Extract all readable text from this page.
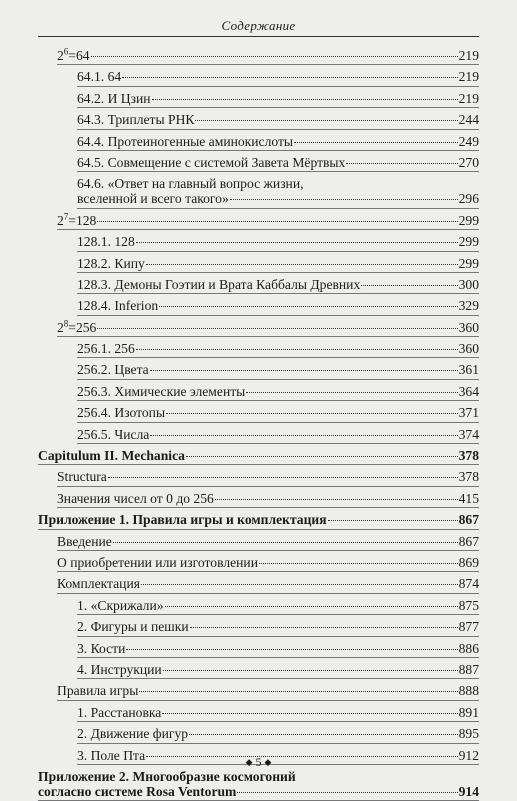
Содержание
$2^6=64$	219
64.1. 64	219
64.2. И Цзин	219
64.3. Триплеты РНК	244
64.4. Протеиногенные аминокислоты	249
64.5. Совмещение с системой Завета Мёртвых	270
64.6. «Ответ на главный вопрос жизни,
вселенной и всего такого»	296
$2^7=128$	299
128.1. 128	299
128.2. Кипу	299
128.3. Демоны Гоэтии и Врата Каббалы Древних	300
128.4. Inferion	329
$2^8=256$	360
256.1. 256	360
256.2. Цвета	361
256.3. Химические элементы	364
256.4. Изотопы	371
256.5. Числа	374
Capitulum II. Mechanica	378
Structura	378
Значения чисел от 0 до 256	415
Приложение 1. Правила игры и комплектация	867
Введение	867
О приобретении или изготовлении	869
Комплектация	874
1. «Скрижали»	875
2. Фигуры и пешки	877
3. Кости	886
4. Инструкции	887
Правила игры	888
1. Расстановка	891
2. Движение фигур	895
3. Поле Пта	912
Приложение 2. Многообразие космогоний
согласно системе Rosa Ventorum	914
◆ 5 ◆
